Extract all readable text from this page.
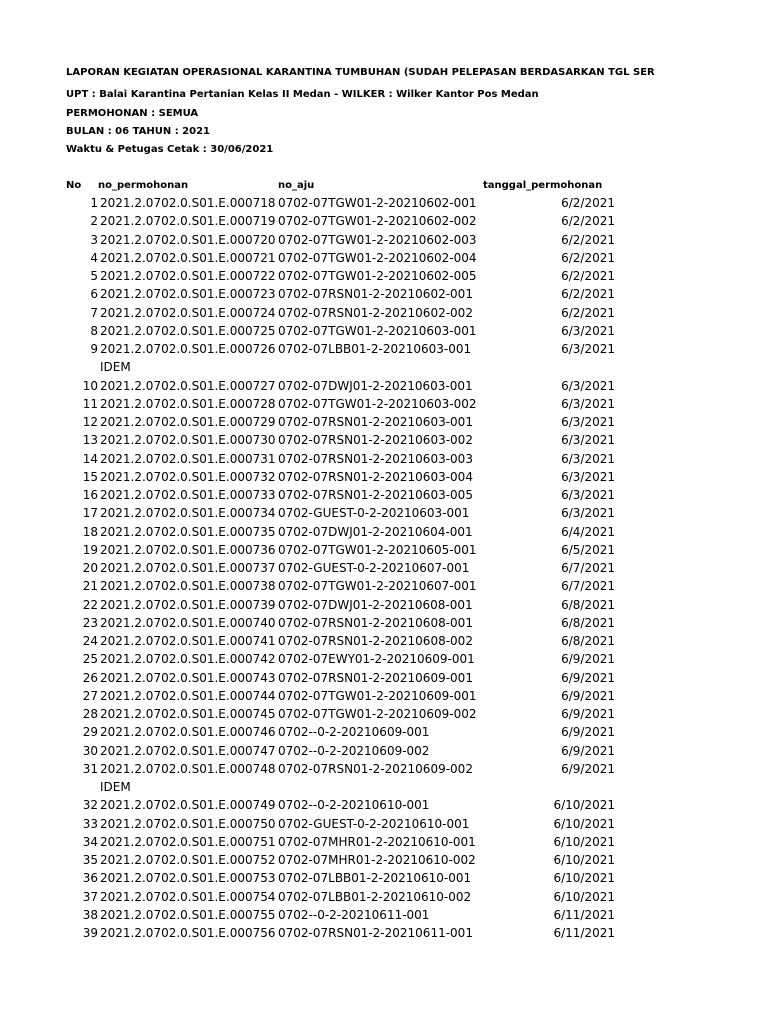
LAPORAN KEGIATAN OPERASIONAL KARANTINA TUMBUHAN (SUDAH PELEPASAN BERDASARKAN TGL SER
UPT : Balai Karantina Pertanian Kelas II Medan - WILKER : Wilker Kantor Pos Medan
PERMOHONAN : SEMUA
BULAN : 06 TAHUN : 2021
Waktu & Petugas Cetak : 30/06/2021
No no_permohonan	no_aju	tanggal_permohonan
1 2021.2.0702.0.S01.E.000718 0702-07TGW01-2-20210602-001	6/2/2021
2 2021.2.0702.0.S01.E.000719 0702-07TGW01-2-20210602-002	6/2/2021
3 2021.2.0702.0.S01.E.000720 0702-07TGW01-2-20210602-003	6/2/2021
4 2021.2.0702.0.S01.E.000721 0702-07TGW01-2-20210602-004	6/2/2021
5 2021.2.0702.0.S01.E.000722 0702-07TGW01-2-20210602-005	6/2/2021
6 2021.2.0702.0.S01.E.000723 0702-07RSN01-2-20210602-001	6/2/2021
7 2021.2.0702.0.S01.E.000724 0702-07RSN01-2-20210602-002	6/2/2021
8 2021.2.0702.0.S01.E.000725 0702-07TGW01-2-20210603-001	6/3/2021
9 2021.2.0702.0.S01.E.000726 0702-07LBB01-2-20210603-001	6/3/2021
IDEM
10 2021.2.0702.0.S01.E.000727 0702-07DWJ01-2-20210603-001	6/3/2021
11 2021.2.0702.0.S01.E.000728 0702-07TGW01-2-20210603-002	6/3/2021
12 2021.2.0702.0.S01.E.000729 0702-07RSN01-2-20210603-001	6/3/2021
13 2021.2.0702.0.S01.E.000730 0702-07RSN01-2-20210603-002	6/3/2021
14 2021.2.0702.0.S01.E.000731 0702-07RSN01-2-20210603-003	6/3/2021
15 2021.2.0702.0.S01.E.000732 0702-07RSN01-2-20210603-004	6/3/2021
16 2021.2.0702.0.S01.E.000733 0702-07RSN01-2-20210603-005	6/3/2021
17 2021.2.0702.0.S01.E.000734 0702-GUEST-0-2-20210603-001	6/3/2021
18 2021.2.0702.0.S01.E.000735 0702-07DWJ01-2-20210604-001	6/4/2021
19 2021.2.0702.0.S01.E.000736 0702-07TGW01-2-20210605-001	6/5/2021
20 2021.2.0702.0.S01.E.000737 0702-GUEST-0-2-20210607-001	6/7/2021
21 2021.2.0702.0.S01.E.000738 0702-07TGW01-2-20210607-001	6/7/2021
22 2021.2.0702.0.S01.E.000739 0702-07DWJ01-2-20210608-001	6/8/2021
23 2021.2.0702.0.S01.E.000740 0702-07RSN01-2-20210608-001	6/8/2021
24 2021.2.0702.0.S01.E.000741 0702-07RSN01-2-20210608-002	6/8/2021
25 2021.2.0702.0.S01.E.000742 0702-07EWY01-2-20210609-001	6/9/2021
26 2021.2.0702.0.S01.E.000743 0702-07RSN01-2-20210609-001	6/9/2021
27 2021.2.0702.0.S01.E.000744 0702-07TGW01-2-20210609-001	6/9/2021
28 2021.2.0702.0.S01.E.000745 0702-07TGW01-2-20210609-002	6/9/2021
29 2021.2.0702.0.S01.E.000746 0702--0-2-20210609-001	6/9/2021
30 2021.2.0702.0.S01.E.000747 0702--0-2-20210609-002	6/9/2021
31 2021.2.0702.0.S01.E.000748 0702-07RSN01-2-20210609-002	6/9/2021
IDEM
32 2021.2.0702.0.S01.E.000749 0702--0-2-20210610-001	6/10/2021
33 2021.2.0702.0.S01.E.000750 0702-GUEST-0-2-20210610-001	6/10/2021
34 2021.2.0702.0.S01.E.000751 0702-07MHR01-2-20210610-001	6/10/2021
35 2021.2.0702.0.S01.E.000752 0702-07MHR01-2-20210610-002	6/10/2021
36 2021.2.0702.0.S01.E.000753 0702-07LBB01-2-20210610-001	6/10/2021
37 2021.2.0702.0.S01.E.000754 0702-07LBB01-2-20210610-002	6/10/2021
38 2021.2.0702.0.S01.E.000755 0702--0-2-20210611-001	6/11/2021
39 2021.2.0702.0.S01.E.000756 0702-07RSN01-2-20210611-001	6/11/2021
